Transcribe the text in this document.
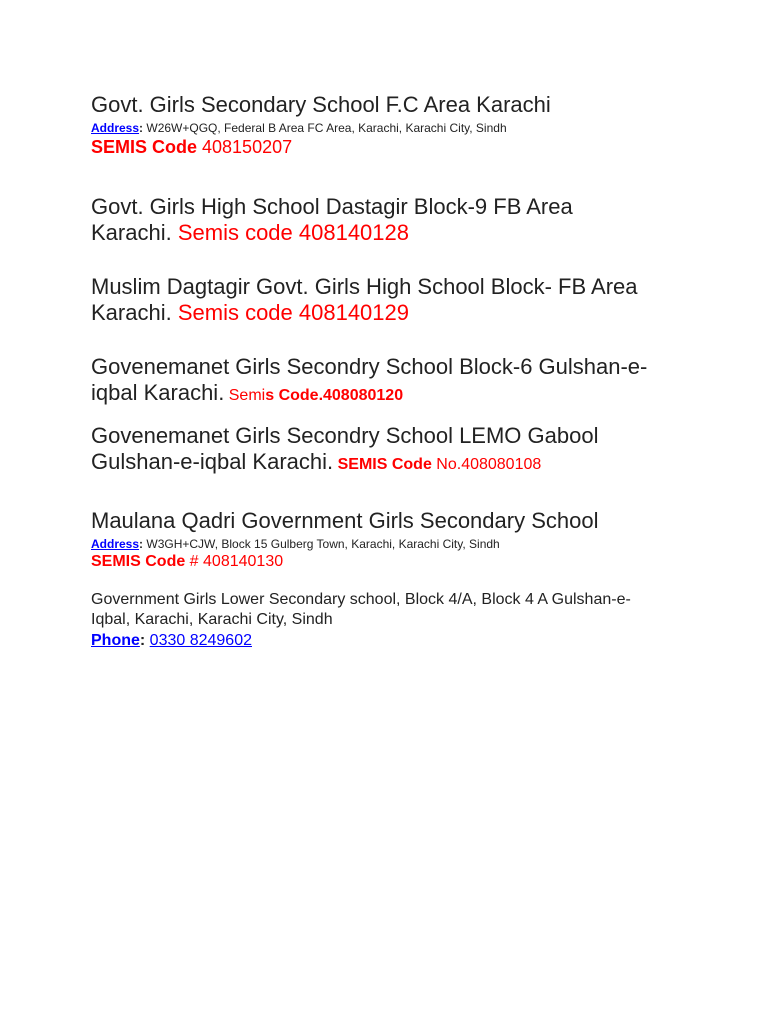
Govt. Girls Secondary School F.C Area Karachi

Address: W26W+QGQ, Federal B Area FC Area, Karachi, Karachi City, Sindh
SEMIS Code 408150207

Govt. Girls High School Dastagir Block-9 FB Area Karachi. Semis code 408140128

Muslim Dagtagir Govt. Girls High School Block- FB Area Karachi. Semis code 408140129

Govenemanet Girls Secondry School Block-6 Gulshan-e-iqbal Karachi. Semis Code.408080120

Govenemanet Girls Secondry School LEMO Gabool Gulshan-e-iqbal Karachi. SEMIS Code No.408080108

Maulana Qadri Government Girls Secondary School

Address: W3GH+CJW, Block 15 Gulberg Town, Karachi, Karachi City, Sindh
SEMIS Code # 408140130
Government Girls Lower Secondary school, Block 4/A, Block 4 A Gulshan-e-Iqbal, Karachi, Karachi City, Sindh
Phone: 0330 8249602
